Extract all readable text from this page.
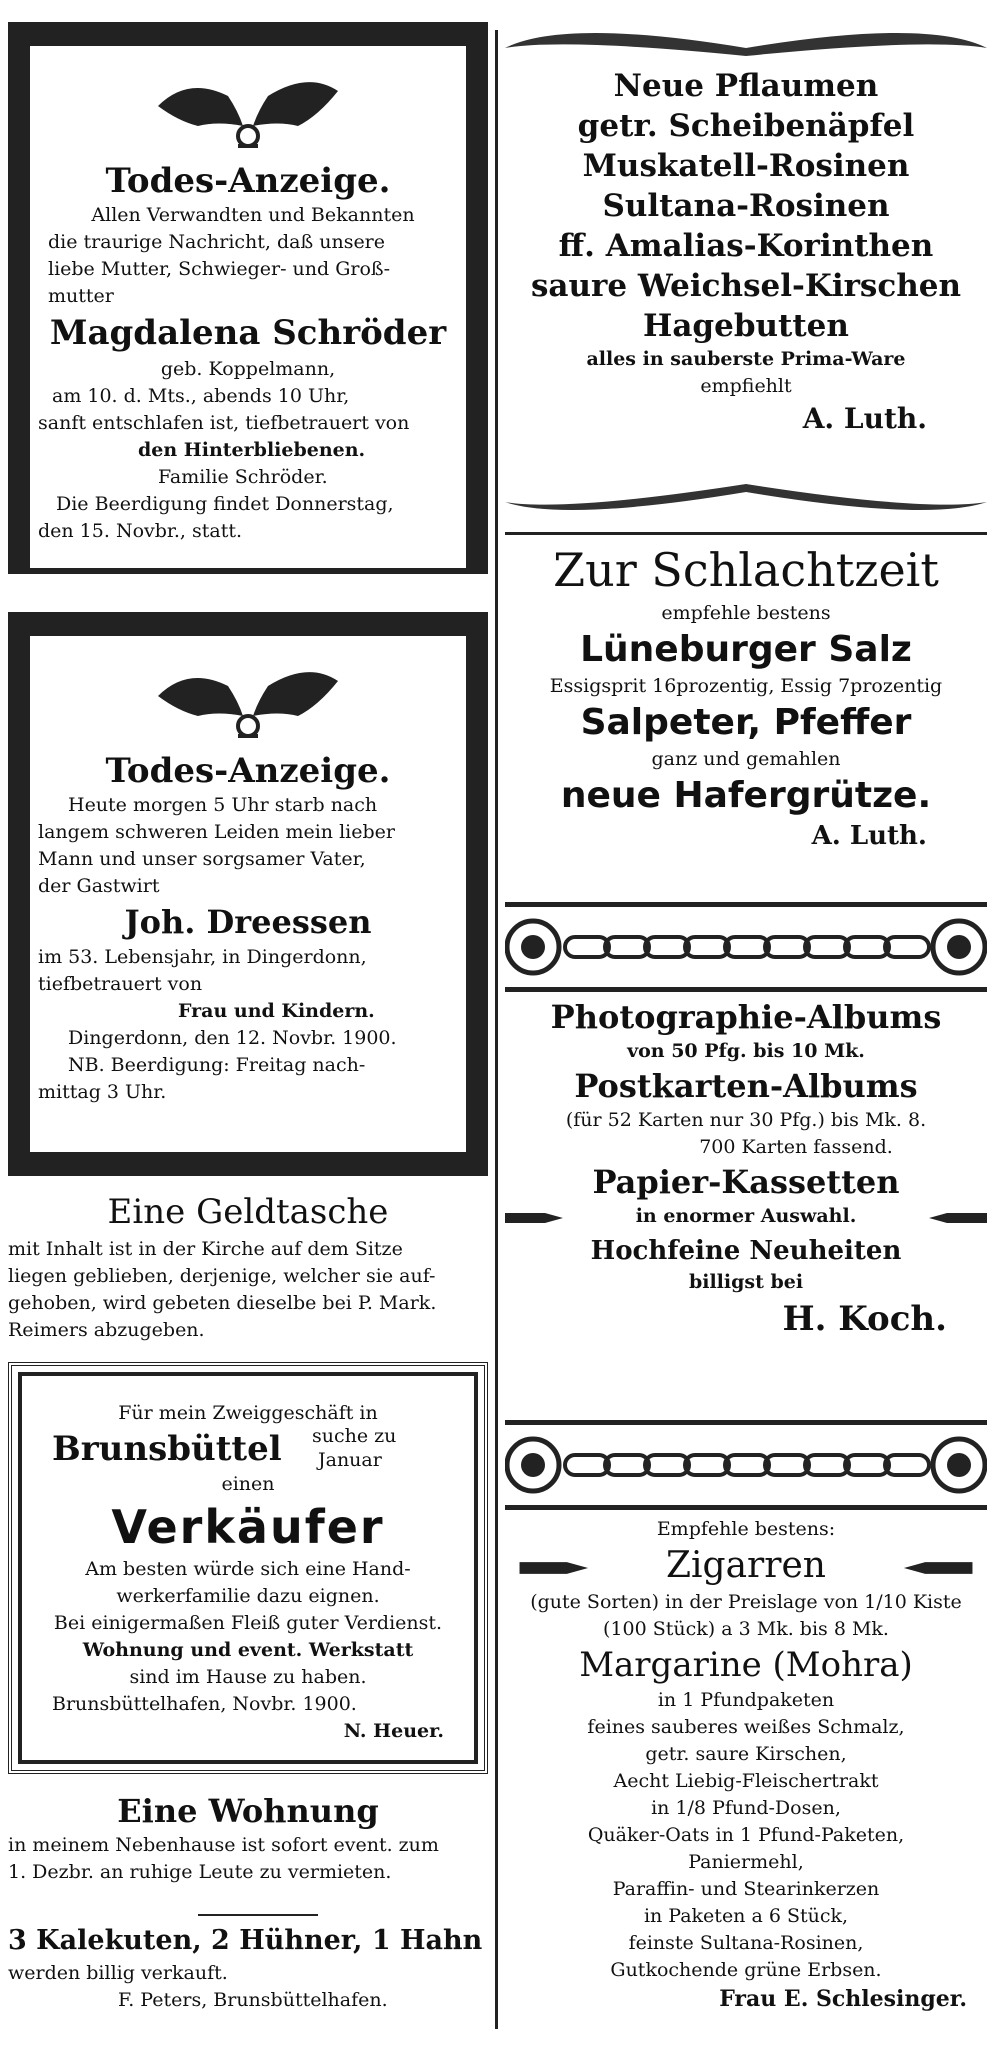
Todes-Anzeige.

Allen Verwandten und Bekannten

die traurige Nachricht, daß unsere

liebe Mutter, Schwieger- und Groß-

mutter

Magdalena Schröder
geb. Koppelmann,

am 10. d. Mts., abends 10 Uhr,

sanft entschlafen ist, tiefbetrauert von

den Hinterbliebenen.

Familie Schröder.

Die Beerdigung findet Donnerstag,

den 15. Novbr., statt.

Todes-Anzeige.

Heute morgen 5 Uhr starb nach

langem schweren Leiden mein lieber

Mann und unser sorgsamer Vater,

der Gastwirt

Joh. Dreessen

im 53. Lebensjahr, in Dingerdonn,

tiefbetrauert von

Frau und Kindern.

Dingerdonn, den 12. Novbr. 1900.

NB. Beerdigung: Freitag nach-

mittag 3 Uhr.

Eine Geldtasche

mit Inhalt ist in der Kirche auf dem Sitze

liegen geblieben, derjenige, welcher sie auf-

gehoben, wird gebeten dieselbe bei P. Mark.

Reimers abzugeben.

Für mein Zweiggeschäft in
Brunsbüttel suche zu
Januar
einen
Verkäufer

Am besten würde sich eine Hand-

werkerfamilie dazu eignen.

Bei einigermaßen Fleiß guter Verdienst.

Wohnung und event. Werkstatt

sind im Hause zu haben.

Brunsbüttelhafen, Novbr. 1900.

N. Heuer.

Eine Wohnung

in meinem Nebenhause ist sofort event. zum

1. Dezbr. an ruhige Leute zu vermieten.

3 Kalekuten, 2 Hühner, 1 Hahn
werden billig verkauft.
F. Peters, Brunsbüttelhafen.

Neue Pflaumen

getr. Scheibenäpfel

Muskatell-Rosinen

Sultana-Rosinen

ff. Amalias-Korinthen

saure Weichsel-Kirschen

Hagebutten

alles in sauberste Prima-Ware
empfiehlt
A. Luth.
Zur Schlachtzeit
empfehle bestens
Lüneburger Salz
Essigsprit 16prozentig, Essig 7prozentig
Salpeter, Pfeffer
ganz und gemahlen
neue Hafergrütze.
A. Luth.
Photographie-Albums
von 50 Pfg. bis 10 Mk.
Postkarten-Albums
(für 52 Karten nur 30 Pfg.) bis Mk. 8.
700 Karten fassend.
Papier-Kassetten
in enormer Auswahl.
Hochfeine Neuheiten
billigst bei
H. Koch.
Empfehle bestens:
Zigarren
(gute Sorten) in der Preislage von 1/10 Kiste
(100 Stück) a 3 Mk. bis 8 Mk.
Margarine (Mohra)

in 1 Pfundpaketen

feines sauberes weißes Schmalz,

getr. saure Kirschen,

Aecht Liebig-Fleischertrakt

in 1/8 Pfund-Dosen,

Quäker-Oats in 1 Pfund-Paketen,

Paniermehl,

Paraffin- und Stearinkerzen

in Paketen a 6 Stück,

feinste Sultana-Rosinen,

Gutkochende grüne Erbsen.

Frau E. Schlesinger.
